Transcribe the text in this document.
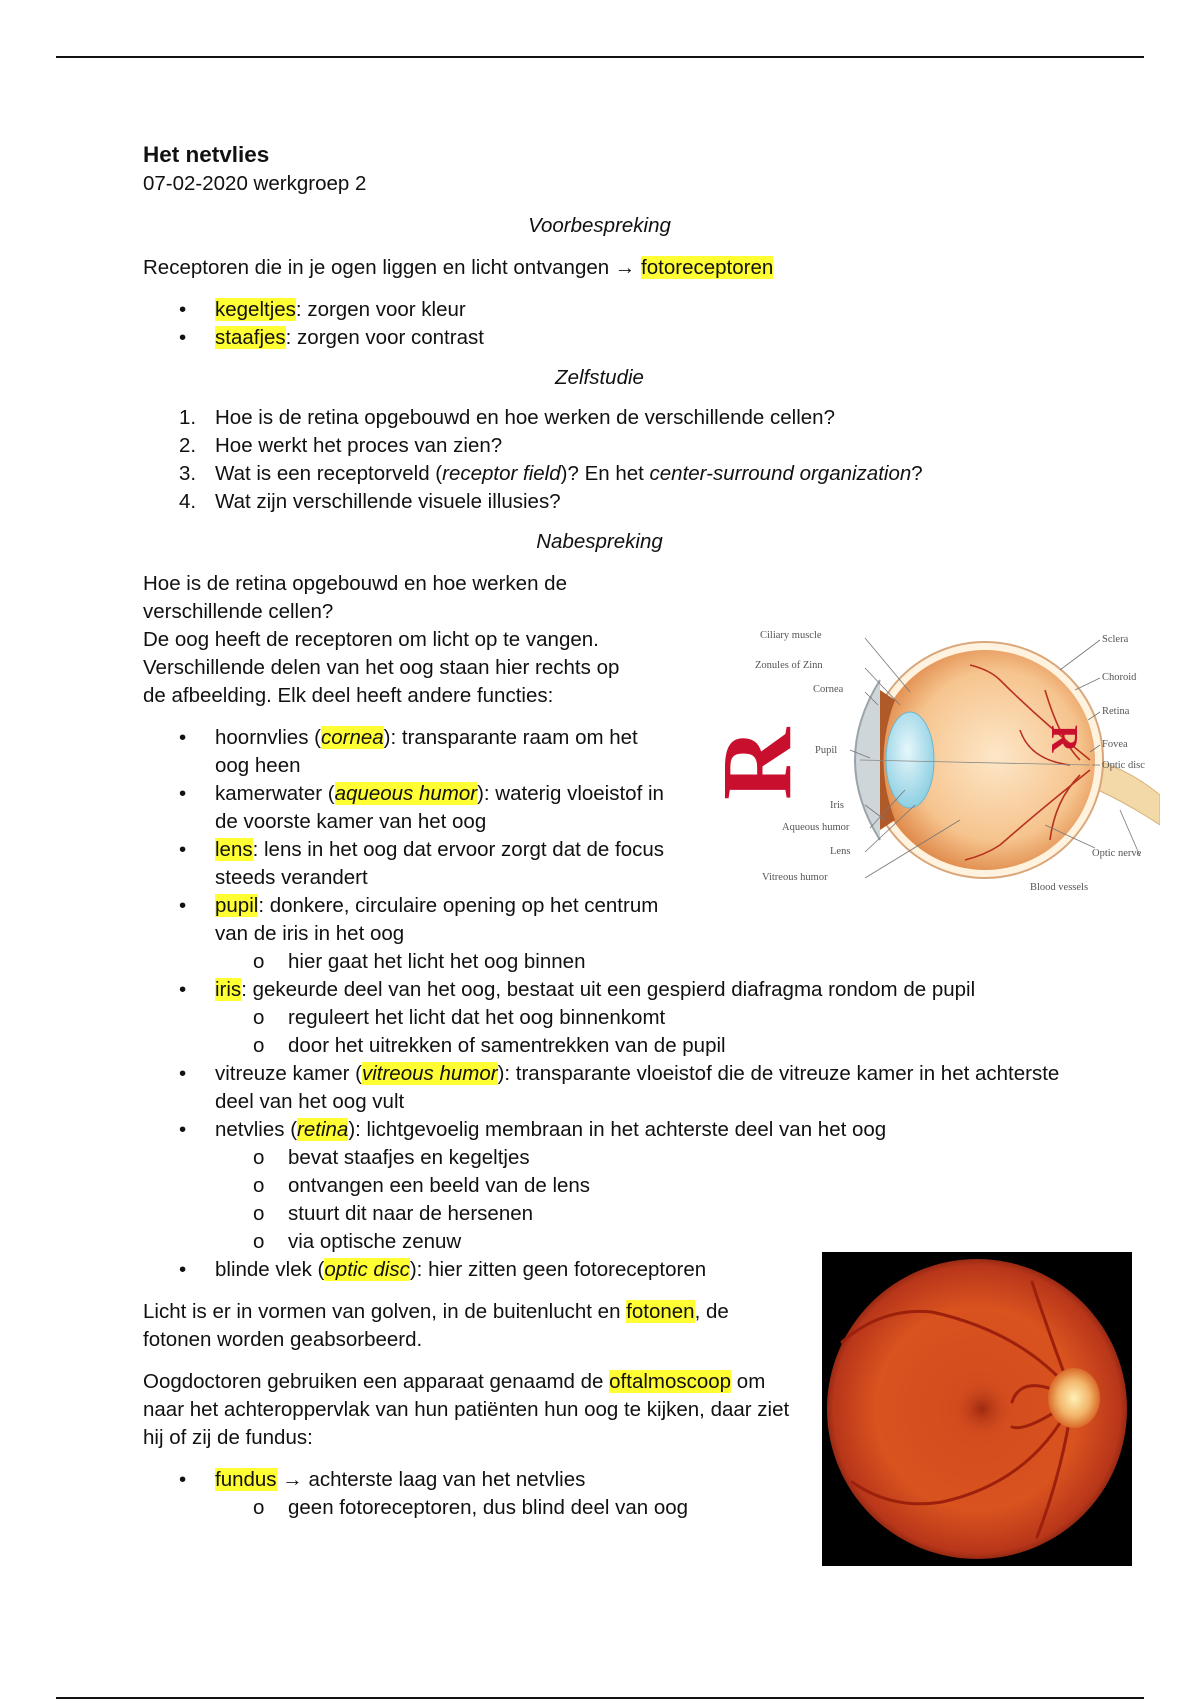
Het netvlies

07-02-2020 werkgroep 2

Voorbespreking

Receptoren die in je ogen liggen en licht ontvangen → fotoreceptoren

• kegeltjes: zorgen voor kleur
• staafjes: zorgen voor contrast

Zelfstudie

1. Hoe is de retina opgebouwd en hoe werken de verschillende cellen?
2. Hoe werkt het proces van zien?
3. Wat is een receptorveld (receptor field)? En het center-surround organization?
4. Wat zijn verschillende visuele illusies?

Nabespreking

Hoe is de retina opgebouwd en hoe werken de verschillende cellen?

De oog heeft de receptoren om licht op te vangen. Verschillende delen van het oog staan hier rechts op de afbeelding. Elk deel heeft andere functies:

• hoornvlies (cornea): transparante raam om het oog heen
• kamerwater (aqueous humor): waterig vloeistof in de voorste kamer van het oog
• lens: lens in het oog dat ervoor zorgt dat de focus steeds verandert
• pupil: donkere, circulaire opening op het centrum van de iris in het oog
o hier gaat het licht het oog binnen
• iris: gekeurde deel van het oog, bestaat uit een gespierd diafragma rondom de pupil
o reguleert het licht dat het oog binnenkomt
o door het uitrekken of samentrekken van de pupil
• vitreuze kamer (vitreous humor): transparante vloeistof die de vitreuze kamer in het achterste deel van het oog vult
• netvlies (retina): lichtgevoelig membraan in het achterste deel van het oog
o bevat staafjes en kegeltjes
o ontvangen een beeld van de lens
o stuurt dit naar de hersenen
o via optische zenuw
• blinde vlek (optic disc): hier zitten geen fotoreceptoren

Licht is er in vormen van golven, in de buitenlucht en fotonen, de fotonen worden geabsorbeerd.

Oogdoctoren gebruiken een apparaat genaamd de oftalmoscoop om naar het achteroppervlak van hun patiënten hun oog te kijken, daar ziet hij of zij de fundus:

• fundus → achterste laag van het netvlies
o geen fotoreceptoren, dus blind deel van oog
R	R
Ciliary muscle
Zonules of Zinn
Cornea
Pupil
Iris
Aqueous humor
Lens
Vitreous humor
Sclera
Choroid
Retina
Fovea
Optic disc
Optic nerve
Blood vessels
